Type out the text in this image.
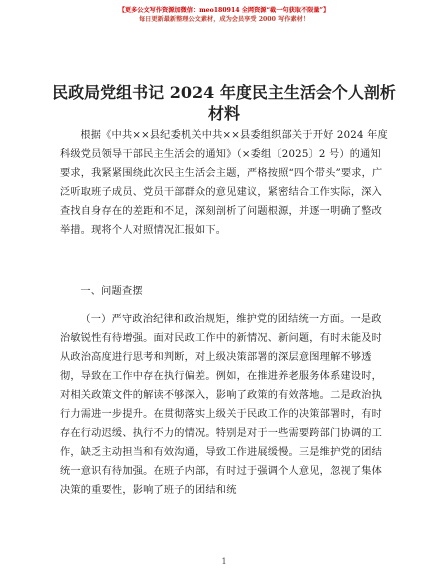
【更多公文写作资源加微信：meo180914 全网资源“截一句获取不限量”】
每日更新最新整理公文素材，成为会员享受 2000 写作素材！
民政局党组书记 2024 年度民主生活会个人剖析
材料

根据《中共××县纪委机关中共××县委组织部关于开好 2024 年度科级党员领导干部民主生活会的通知》（×委组〔2025〕2 号）的通知要求，我紧紧围绕此次民主生活会主题，严格按照“四个带头”要求，广泛听取班子成员、党员干部群众的意见建议，紧密结合工作实际，深入查找自身存在的差距和不足，深刻剖析了问题根源，并逐一明确了整改举措。现将个人对照情况汇报如下。

一、问题查摆

（一）严守政治纪律和政治规矩，维护党的团结统一方面。一是政治敏锐性有待增强。面对民政工作中的新情况、新问题，有时未能及时从政治高度进行思考和判断，对上级决策部署的深层意图理解不够透彻，导致在工作中存在执行偏差。例如，在推进养老服务体系建设时，对相关政策文件的解读不够深入，影响了政策的有效落地。二是政治执行力需进一步提升。在贯彻落实上级关于民政工作的决策部署时，有时存在行动迟缓、执行不力的情况。特别是对于一些需要跨部门协调的工作，缺乏主动担当和有效沟通，导致工作进展缓慢。三是维护党的团结统一意识有待加强。在班子内部，有时过于强调个人意见，忽视了集体决策的重要性，影响了班子的团结和统

1
